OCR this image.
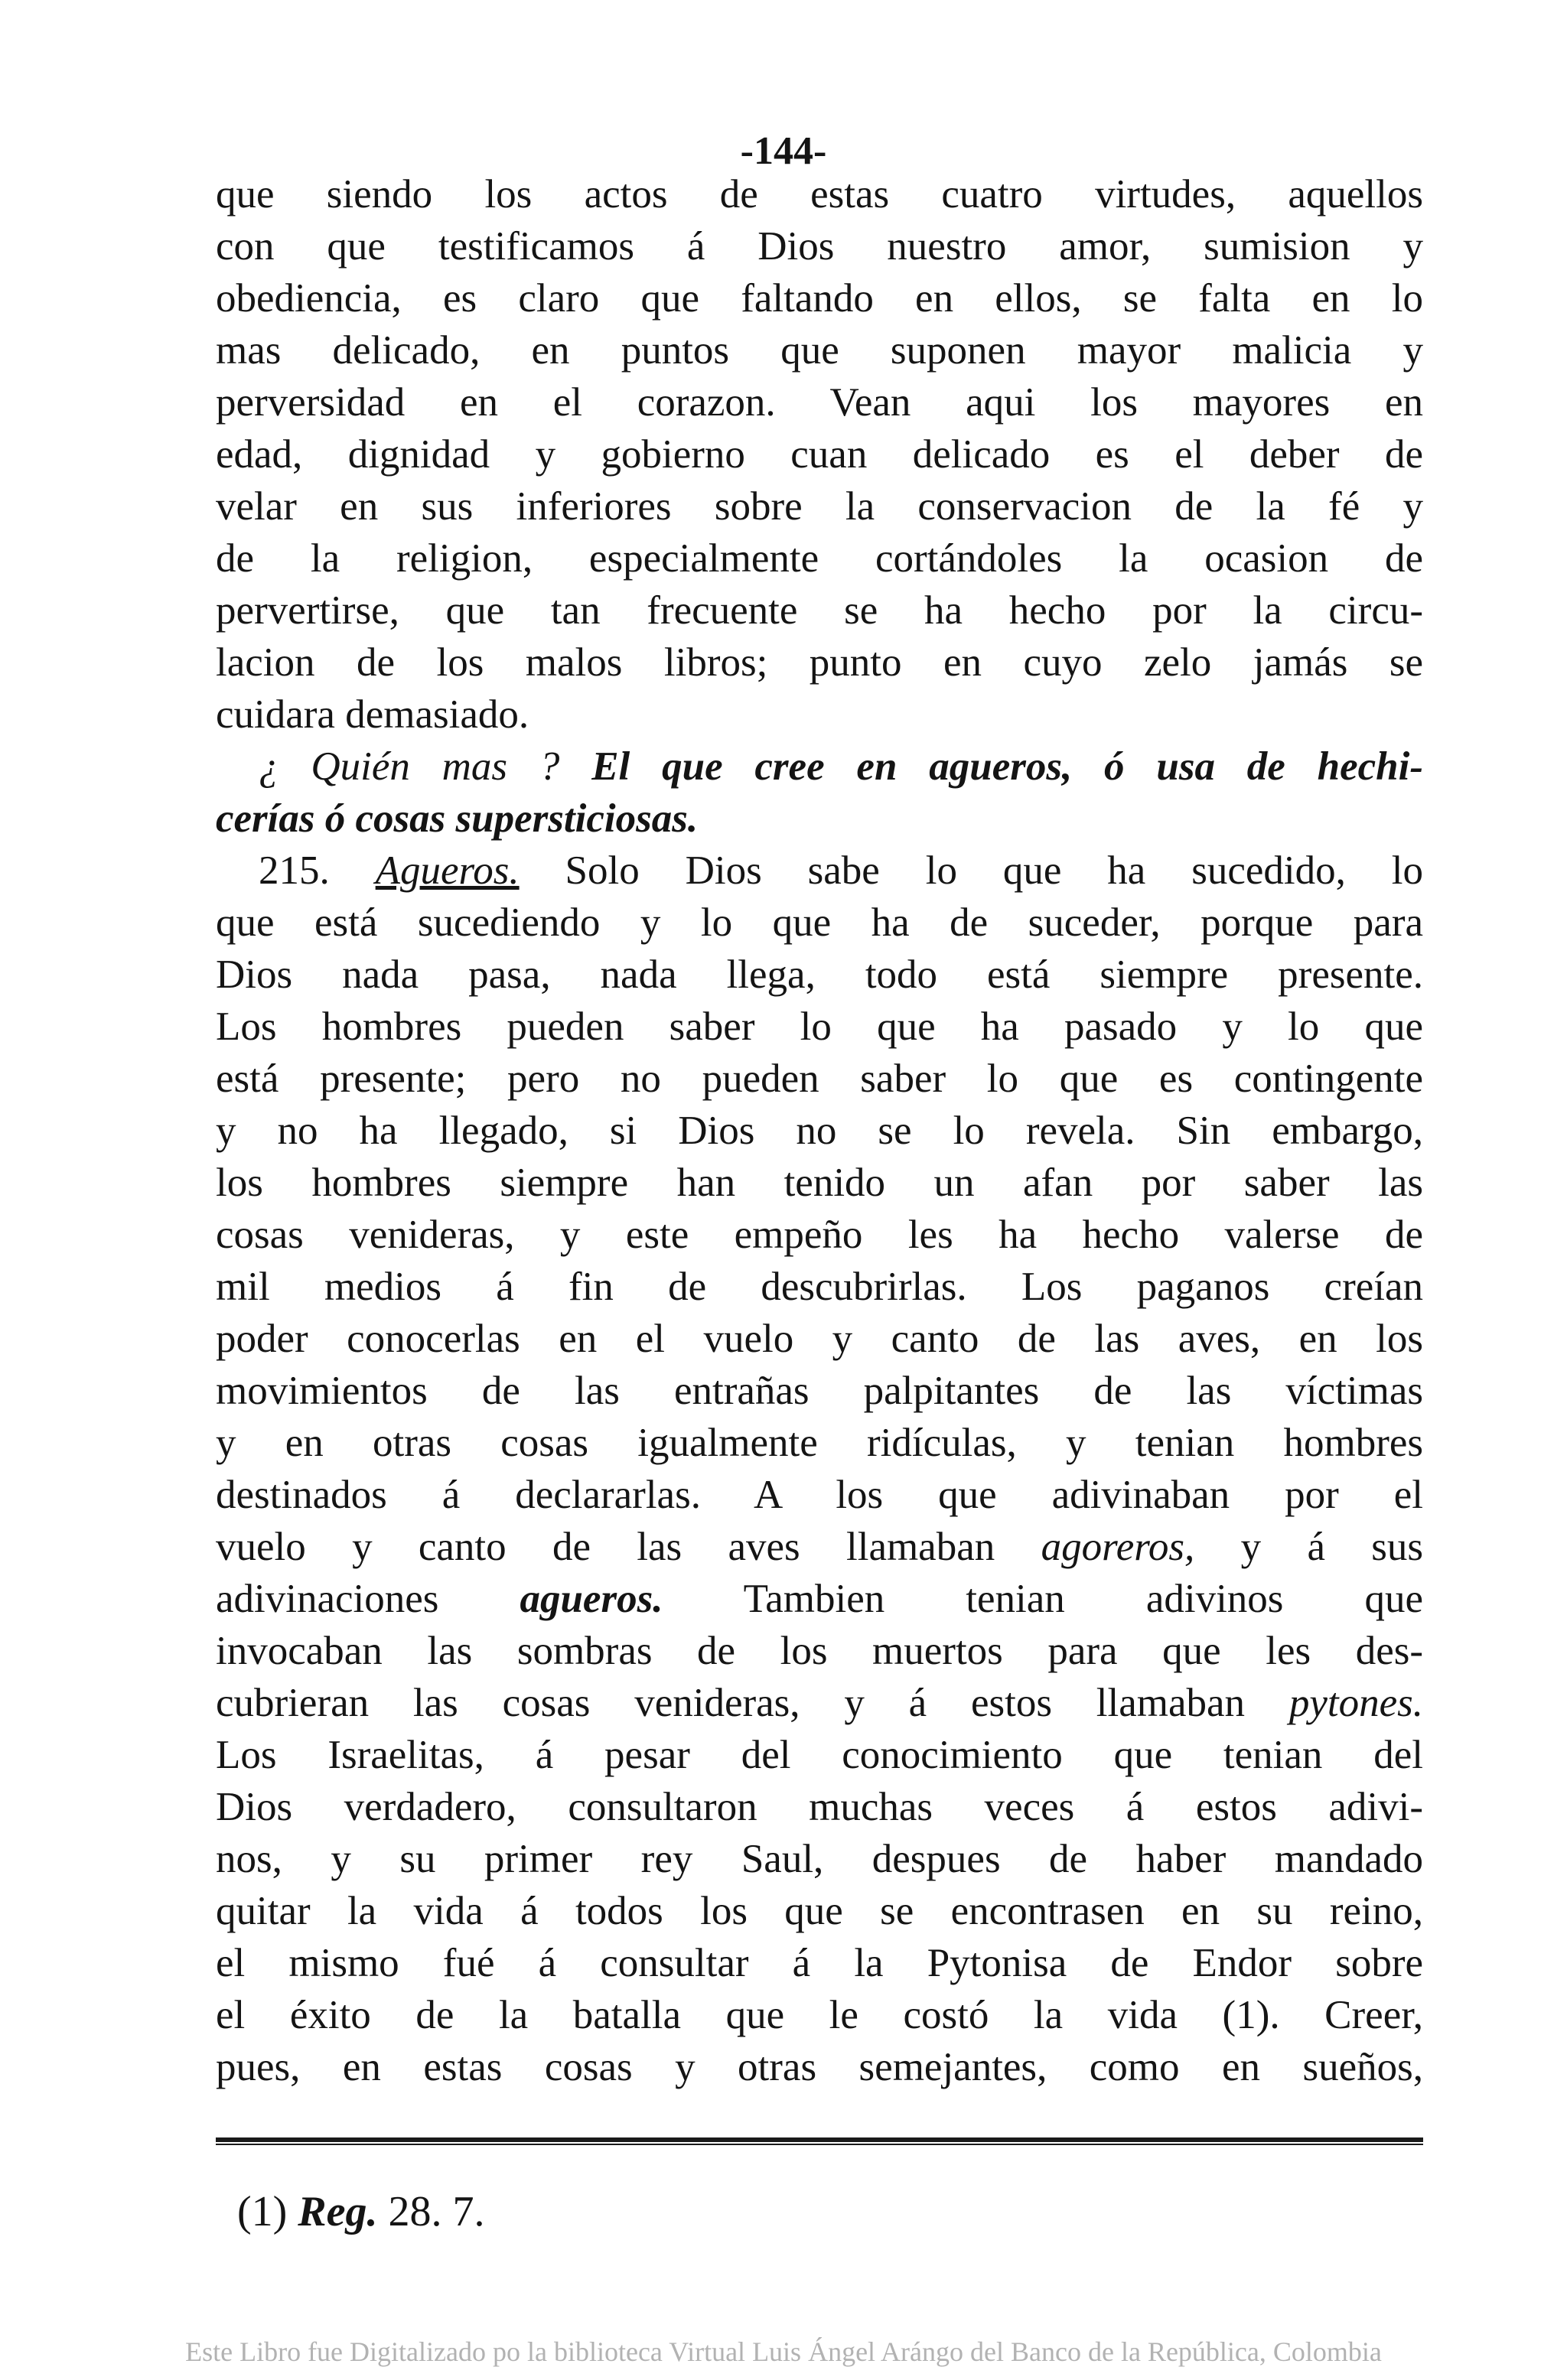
-144-
que siendo los actos de estas cuatro virtudes, aquellos
con que testificamos á Dios nuestro amor, sumision y
obediencia, es claro que faltando en ellos, se falta en lo
mas delicado, en puntos que suponen mayor malicia y
perversidad en el corazon. Vean aqui los mayores en
edad, dignidad y gobierno cuan delicado es el deber de
velar en sus inferiores sobre la conservacion de la fé y
de la religion, especialmente cortándoles la ocasion de
pervertirse, que tan frecuente se ha hecho por la circu-
lacion de los malos libros; punto en cuyo zelo jamás se
cuidara demasiado.
¿ Quién mas ? El que cree en agueros, ó usa de hechi-
cerías ó cosas supersticiosas.
215. Agueros. Solo Dios sabe lo que ha sucedido, lo
que está sucediendo y lo que ha de suceder, porque para
Dios nada pasa, nada llega, todo está siempre presente.
Los hombres pueden saber lo que ha pasado y lo que
está presente; pero no pueden saber lo que es contingente
y no ha llegado, si Dios no se lo revela. Sin embargo,
los hombres siempre han tenido un afan por saber las
cosas venideras, y este empeño les ha hecho valerse de
mil medios á fin de descubrirlas. Los paganos creían
poder conocerlas en el vuelo y canto de las aves, en los
movimientos de las entrañas palpitantes de las víctimas
y en otras cosas igualmente ridículas, y tenian hombres
destinados á declararlas. A los que adivinaban por el
vuelo y canto de las aves llamaban agoreros, y á sus
adivinaciones agueros. Tambien tenian adivinos que
invocaban las sombras de los muertos para que les des-
cubrieran las cosas venideras, y á estos llamaban pytones.
Los Israelitas, á pesar del conocimiento que tenian del
Dios verdadero, consultaron muchas veces á estos adivi-
nos, y su primer rey Saul, despues de haber mandado
quitar la vida á todos los que se encontrasen en su reino,
el mismo fué á consultar á la Pytonisa de Endor sobre
el éxito de la batalla que le costó la vida (1). Creer,
pues, en estas cosas y otras semejantes, como en sueños,
(1) Reg. 28. 7.
Este Libro fue Digitalizado po la biblioteca Virtual Luis Ángel Arángo del Banco de la República, Colombia
